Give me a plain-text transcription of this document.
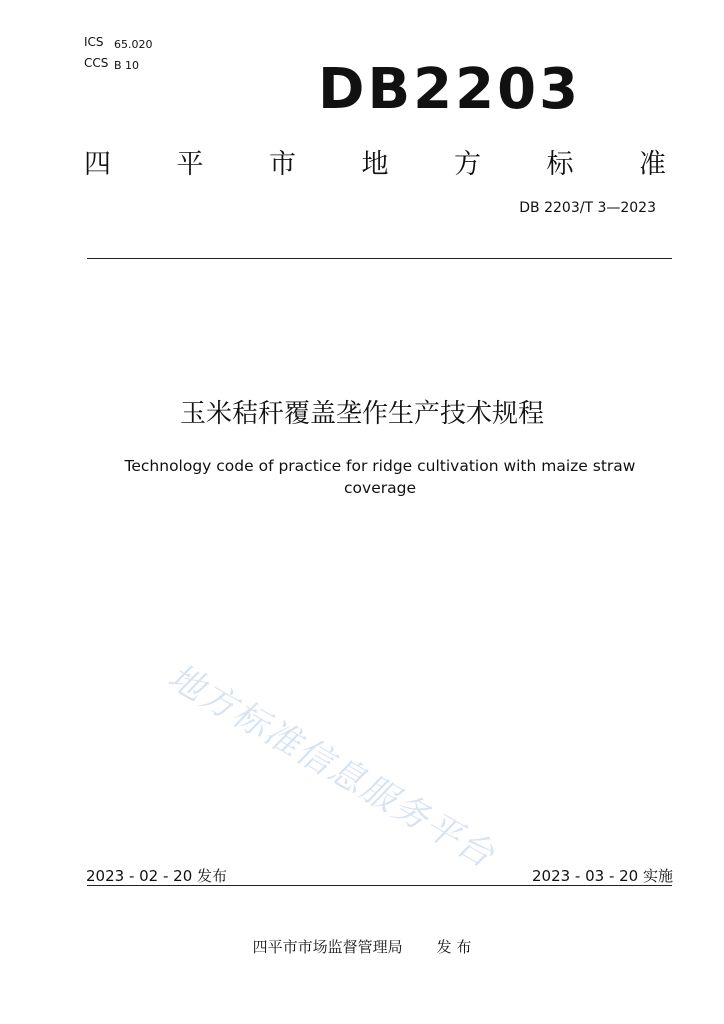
ICS 65.020
CCS B 10	DB2203
四 平 市 地 方 标 准
DB 2203/T 3—2023
玉米秸秆覆盖垄作生产技术规程
Technology code of practice for ridge cultivation with maize straw coverage
地方标准信息服务平台
2023 - 02 - 20 发布	2023 - 03 - 20 实施
四平市市场监督管理局 发 布
